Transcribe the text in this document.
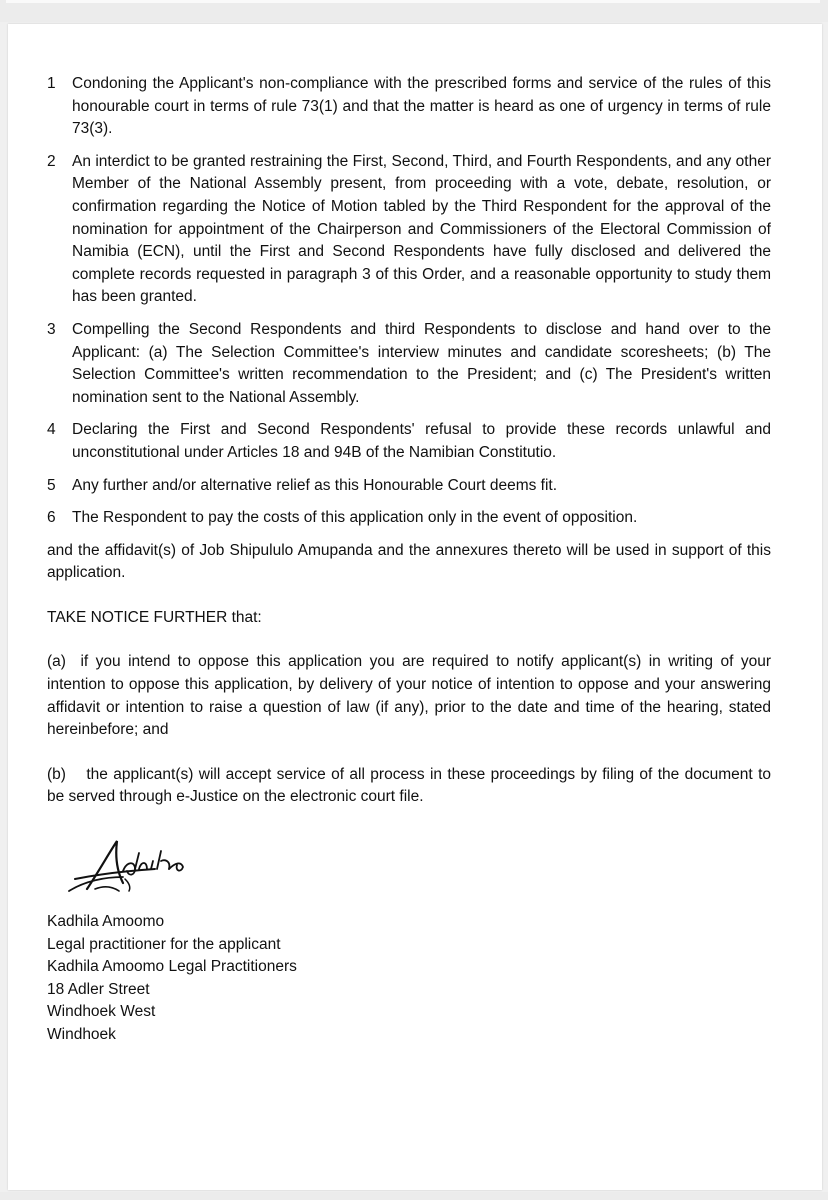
1	Condoning the Applicant's non-compliance with the prescribed forms and service of the rules of this honourable court in terms of rule 73(1) and that the matter is heard as one of urgency in terms of rule 73(3).
2	An interdict to be granted restraining the First, Second, Third, and Fourth Respondents, and any other Member of the National Assembly present, from proceeding with a vote, debate, resolution, or confirmation regarding the Notice of Motion tabled by the Third Respondent for the approval of the nomination for appointment of the Chairperson and Commissioners of the Electoral Commission of Namibia (ECN), until the First and Second Respondents have fully disclosed and delivered the complete records requested in paragraph 3 of this Order, and a reasonable opportunity to study them has been granted.
3	Compelling the Second Respondents and third Respondents to disclose and hand over to the Applicant: (a) The Selection Committee's interview minutes and candidate scoresheets; (b) The Selection Committee's written recommendation to the President; and (c) The President's written nomination sent to the National Assembly.
4	Declaring the First and Second Respondents' refusal to provide these records unlawful and unconstitutional under Articles 18 and 94B of the Namibian Constitutio.
5	Any further and/or alternative relief as this Honourable Court deems fit.
6	The Respondent to pay the costs of this application only in the event of opposition.

and the affidavit(s) of Job Shipululo Amupanda and the annexures thereto will be used in support of this application.

TAKE NOTICE FURTHER that:

(a) if you intend to oppose this application you are required to notify applicant(s) in writing of your intention to oppose this application, by delivery of your notice of intention to oppose and your answering affidavit or intention to raise a question of law (if any), prior to the date and time of the hearing, stated hereinbefore; and

(b) the applicant(s) will accept service of all process in these proceedings by filing of the document to be served through e-Justice on the electronic court file.

Kadhila Amoomo
Legal practitioner for the applicant
Kadhila Amoomo Legal Practitioners
18 Adler Street
Windhoek West
Windhoek
